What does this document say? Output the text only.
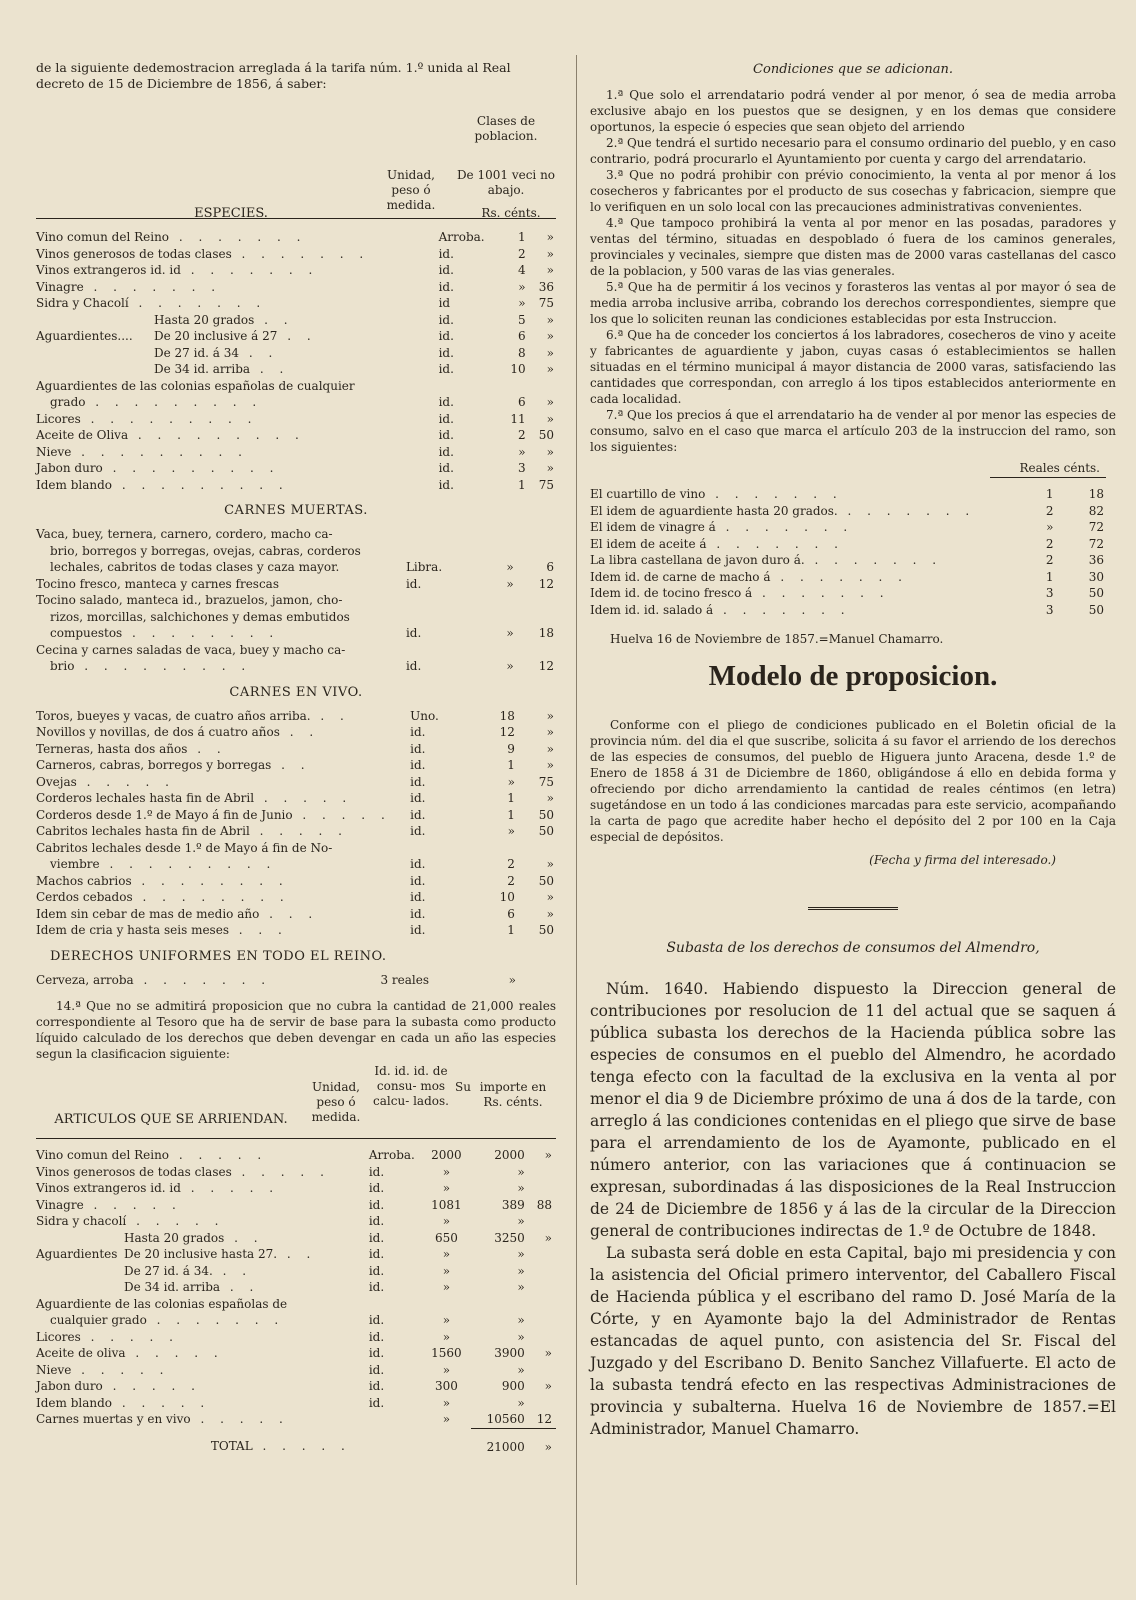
de la siguiente dedemostracion arreglada á la tarifa núm. 1.º unida al Real decreto de 15 de Diciembre de 1856, á saber:

ESPECIES.
Unidad, peso ó medida.
Clases de poblacion.
De 1001 veci no abajo.
Rs. cénts.
Vino comun del Reino . . . . . . .	Arroba.	1	»
Vinos generosos de todas clases . . . . . . .	id.	2	»
Vinos extrangeros id. id . . . . . . .	id.	4	»
Vinagre . . . . . . .	id.	»	36
Sidra y Chacolí . . . . . . .	id	»	75
Hasta 20 grados . .	id.	5	»
Aguardientes.... De 20 inclusive á 27 . .	id.	6	»
De 27 id. á 34 . .	id.	8	»
De 34 id. arriba . .	id.	10	»
Aguardientes de las colonias españolas de cualquier			
grado . . . . . . . . .	id.	6	»
Licores . . . . . . . . .	id.	11	»
Aceite de Oliva . . . . . . . . .	id.	2	50
Nieve . . . . . . . . .	id.	»	»
Jabon duro . . . . . . . . .	id.	3	»
Idem blando . . . . . . . . .	id.	1	75
CARNES MUERTAS.
Vaca, buey, ternera, carnero, cordero, macho ca-			
brio, borregos y borregas, ovejas, cabras, corderos			
lechales, cabritos de todas clases y caza mayor.	Libra.	»	6
Tocino fresco, manteca y carnes frescas	id.	»	12
Tocino salado, manteca id., brazuelos, jamon, cho-			
rizos, morcillas, salchichones y demas embutidos			
compuestos . . . . . . . .	id.	»	18
Cecina y carnes saladas de vaca, buey y macho ca-			
brio . . . . . . . . .	id.	»	12
CARNES EN VIVO.
Toros, bueyes y vacas, de cuatro años arriba. . .	Uno.	18	»
Novillos y novillas, de dos á cuatro años . .	id.	12	»
Terneras, hasta dos años . .	id.	9	»
Carneros, cabras, borregos y borregas . .	id.	1	»
Ovejas . . . . .	id.	»	75
Corderos lechales hasta fin de Abril . . . . .	id.	1	»
Corderos desde 1.º de Mayo á fin de Junio . . . . .	id.	1	50
Cabritos lechales hasta fin de Abril . . . . .	id.	»	50
Cabritos lechales desde 1.º de Mayo á fin de No-			
viembre . . . . . . . . .	id.	2	»
Machos cabrios . . . . . . . .	id.	2	50
Cerdos cebados . . . . . . . .	id.	10	»
Idem sin cebar de mas de medio año . . .	id.	6	»
Idem de cria y hasta seis meses . . .	id.	1	50
DERECHOS UNIFORMES EN TODO EL REINO.
Cerveza, arroba . . . . . . .	3 reales	»	

14.ª Que no se admitirá proposicion que no cubra la cantidad de 21,000 reales correspondiente al Tesoro que ha de servir de base para la subasta como producto líquido calculado de los derechos que deben devengar en cada un año las especies segun la clasificacion siguiente:

ARTICULOS QUE SE ARRIENDAN.
Unidad, peso ó medida.
Id. id. id. de consu- mos calcu- lados.
Su importe en Rs. cénts.
Vino comun del Reino . . . . .	Arroba.	2000	2000	»
Vinos generosos de todas clases . . . . .	id.	»	»	
Vinos extrangeros id. id . . . . .	id.	»	»	
Vinagre . . . . .	id.	1081	389	88
Sidra y chacolí . . . . .	id.	»	»	
Hasta 20 grados . .	id.	650	3250	»
Aguardientes De 20 inclusive hasta 27. . .	id.	»	»	
De 27 id. á 34. . .	id.	»	»	
De 34 id. arriba . .	id.	»	»	
Aguardiente de las colonias españolas de				
cualquier grado . . . . . . .	id.	»	»	
Licores . . . . .	id.	»	»	
Aceite de oliva . . . . .	id.	1560	3900	»
Nieve . . . . .	id.	»	»	
Jabon duro . . . . .	id.	300	900	»
Idem blando . . . . .	id.	»	»	
Carnes muertas y en vivo . . . . .		»	10560	12
TOTAL . . . . .			21000	»
Condiciones que se adicionan.

1.ª Que solo el arrendatario podrá vender al por menor, ó sea de media arroba exclusive abajo en los puestos que se designen, y en los demas que considere oportunos, la especie ó especies que sean objeto del arriendo

2.ª Que tendrá el surtido necesario para el consumo ordinario del pueblo, y en caso contrario, podrá procurarlo el Ayuntamiento por cuenta y cargo del arrendatario.

3.ª Que no podrá prohibir con prévio conocimiento, la venta al por menor á los cosecheros y fabricantes por el producto de sus cosechas y fabricacion, siempre que lo verifiquen en un solo local con las precauciones administrativas convenientes.

4.ª Que tampoco prohibirá la venta al por menor en las posadas, paradores y ventas del término, situadas en despoblado ó fuera de los caminos generales, provinciales y vecinales, siempre que disten mas de 2000 varas castellanas del casco de la poblacion, y 500 varas de las vias generales.

5.ª Que ha de permitir á los vecinos y forasteros las ventas al por mayor ó sea de media arroba inclusive arriba, cobrando los derechos correspondientes, siempre que los que lo soliciten reunan las condiciones establecidas por esta Instruccion.

6.ª Que ha de conceder los conciertos á los labradores, cosecheros de vino y aceite y fabricantes de aguardiente y jabon, cuyas casas ó establecimientos se hallen situadas en el término municipal á mayor distancia de 2000 varas, satisfaciendo las cantidades que correspondan, con arreglo á los tipos establecidos anteriormente en cada localidad.

7.ª Que los precios á que el arrendatario ha de vender al por menor las especies de consumo, salvo en el caso que marca el artículo 203 de la instruccion del ramo, son los siguientes:

Reales cénts.
El cuartillo de vino . . . . . . .	1	18
El idem de aguardiente hasta 20 grados. . . . . . . .	2	82
El idem de vinagre á . . . . . . .	»	72
El idem de aceite á . . . . . . .	2	72
La libra castellana de javon duro á. . . . . . . .	2	36
Idem id. de carne de macho á . . . . . . .	1	30
Idem id. de tocino fresco á . . . . . . .	3	50
Idem id. id. salado á . . . . . . .	3	50
Huelva 16 de Noviembre de 1857.=Manuel Chamarro.
Modelo de proposicion.

Conforme con el pliego de condiciones publicado en el Boletin oficial de la provincia núm. del dia el que suscribe, solicita á su favor el arriendo de los derechos de las especies de consumos, del pueblo de Higuera junto Aracena, desde 1.º de Enero de 1858 á 31 de Diciembre de 1860, obligándose á ello en debida forma y ofreciendo por dicho arrendamiento la cantidad de reales céntimos (en letra) sugetándose en un todo á las condiciones marcadas para este servicio, acompañando la carta de pago que acredite haber hecho el depósito del 2 por 100 en la Caja especial de depósitos.

(Fecha y firma del interesado.)
Subasta de los derechos de consumos del Almendro,

Núm. 1640. Habiendo dispuesto la Direccion general de contribuciones por resolucion de 11 del actual que se saquen á pública subasta los derechos de la Hacienda pública sobre las especies de consumos en el pueblo del Almendro, he acordado tenga efecto con la facultad de la exclusiva en la venta al por menor el dia 9 de Diciembre próximo de una á dos de la tarde, con arreglo á las condiciones contenidas en el pliego que sirve de base para el arrendamiento de los de Ayamonte, publicado en el número anterior, con las variaciones que á continuacion se expresan, subordinadas á las disposiciones de la Real Instruccion de 24 de Diciembre de 1856 y á las de la circular de la Direccion general de contribuciones indirectas de 1.º de Octubre de 1848.

La subasta será doble en esta Capital, bajo mi presidencia y con la asistencia del Oficial primero interventor, del Caballero Fiscal de Hacienda pública y el escribano del ramo D. José María de la Córte, y en Ayamonte bajo la del Administrador de Rentas estancadas de aquel punto, con asistencia del Sr. Fiscal del Juzgado y del Escribano D. Benito Sanchez Villafuerte. El acto de la subasta tendrá efecto en las respectivas Administraciones de provincia y subalterna. Huelva 16 de Noviembre de 1857.=El Administrador, Manuel Chamarro.
